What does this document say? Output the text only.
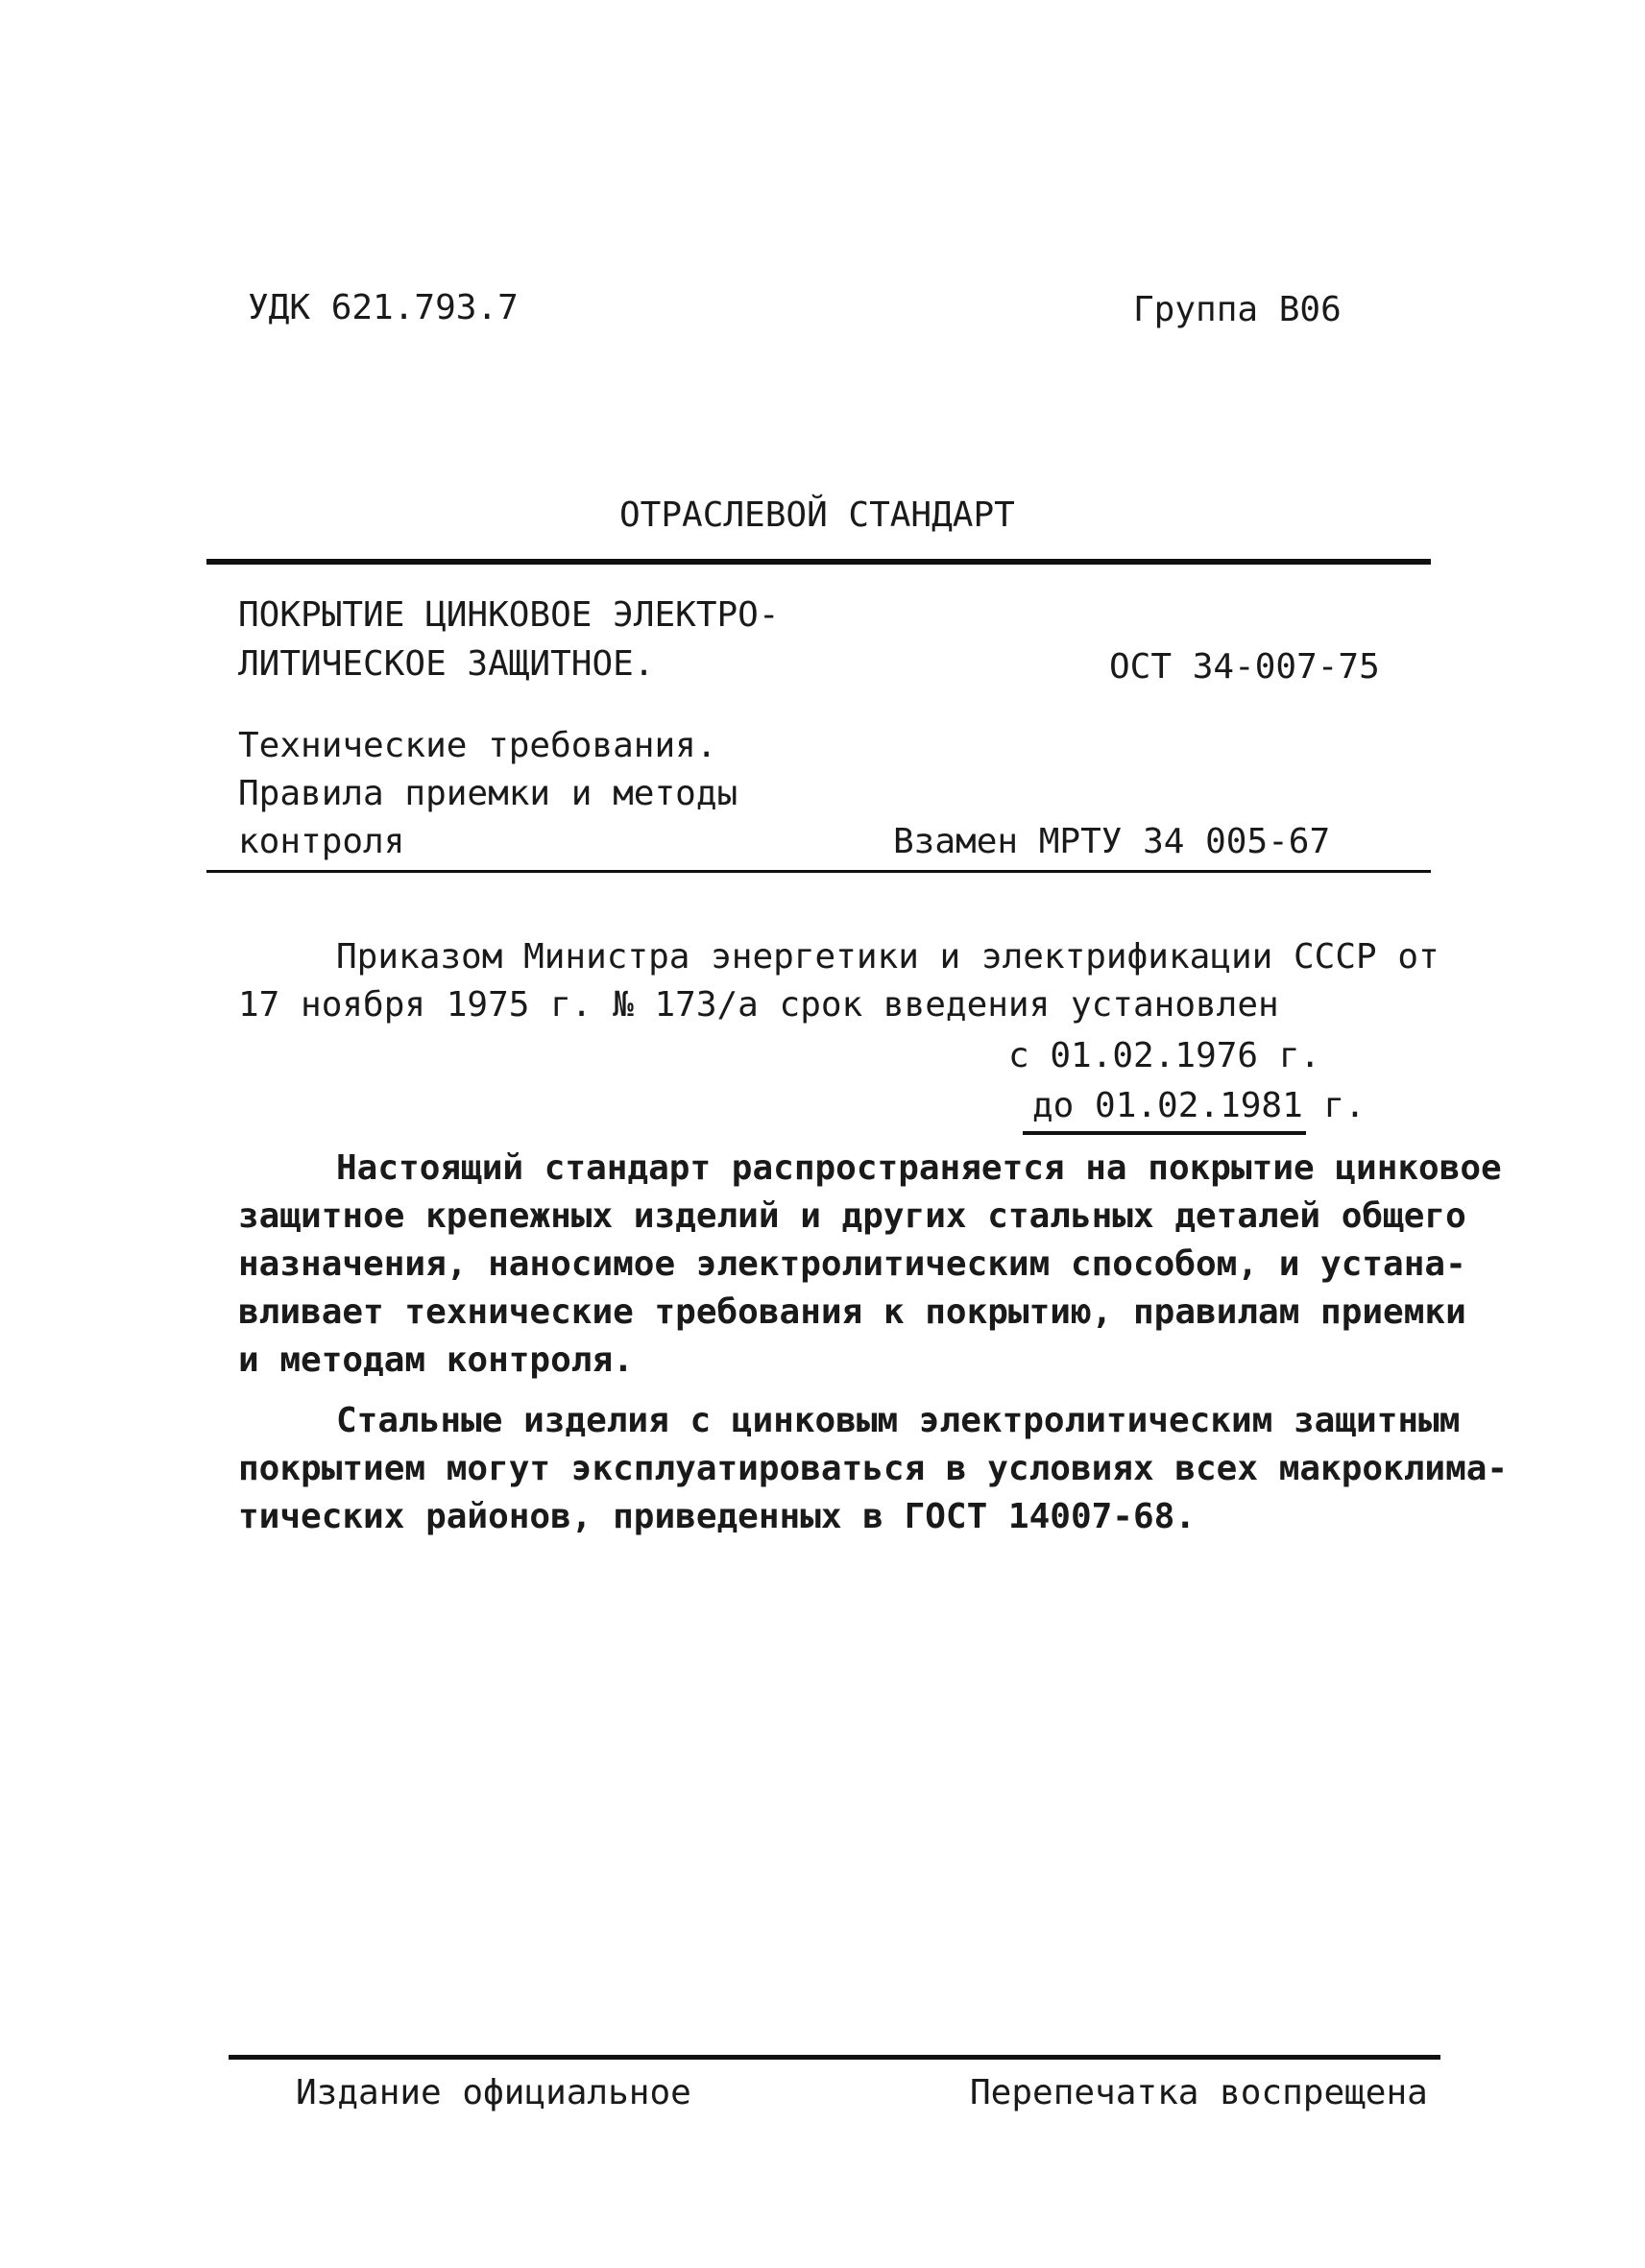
УДК 621.793.7	Группа В06
ОТРАСЛЕВОЙ СТАНДАРТ
ПОКРЫТИЕ ЦИНКОВОЕ ЭЛЕКТРО-
ЛИТИЧЕСКОЕ ЗАЩИТНОЕ.	ОСТ 34-007-75
Технические требования.
Правила приемки и методы
контроля	Взамен МРТУ 34 005-67
Приказом Министра энергетики и электрификации СССР от
17 ноября 1975 г. № 173/а срок введения установлен
с 01.02.1976 г.
до 01.02.1981 г.
Настоящий стандарт распространяется на покрытие цинковое
защитное крепежных изделий и других стальных деталей общего
назначения, наносимое электролитическим способом, и устана-
вливает технические требования к покрытию, правилам приемки
и методам контроля.
Стальные изделия с цинковым электролитическим защитным
покрытием могут эксплуатироваться в условиях всех макроклима-
тических районов, приведенных в ГОСТ 14007-68.
Издание официальное	Перепечатка воспрещена
